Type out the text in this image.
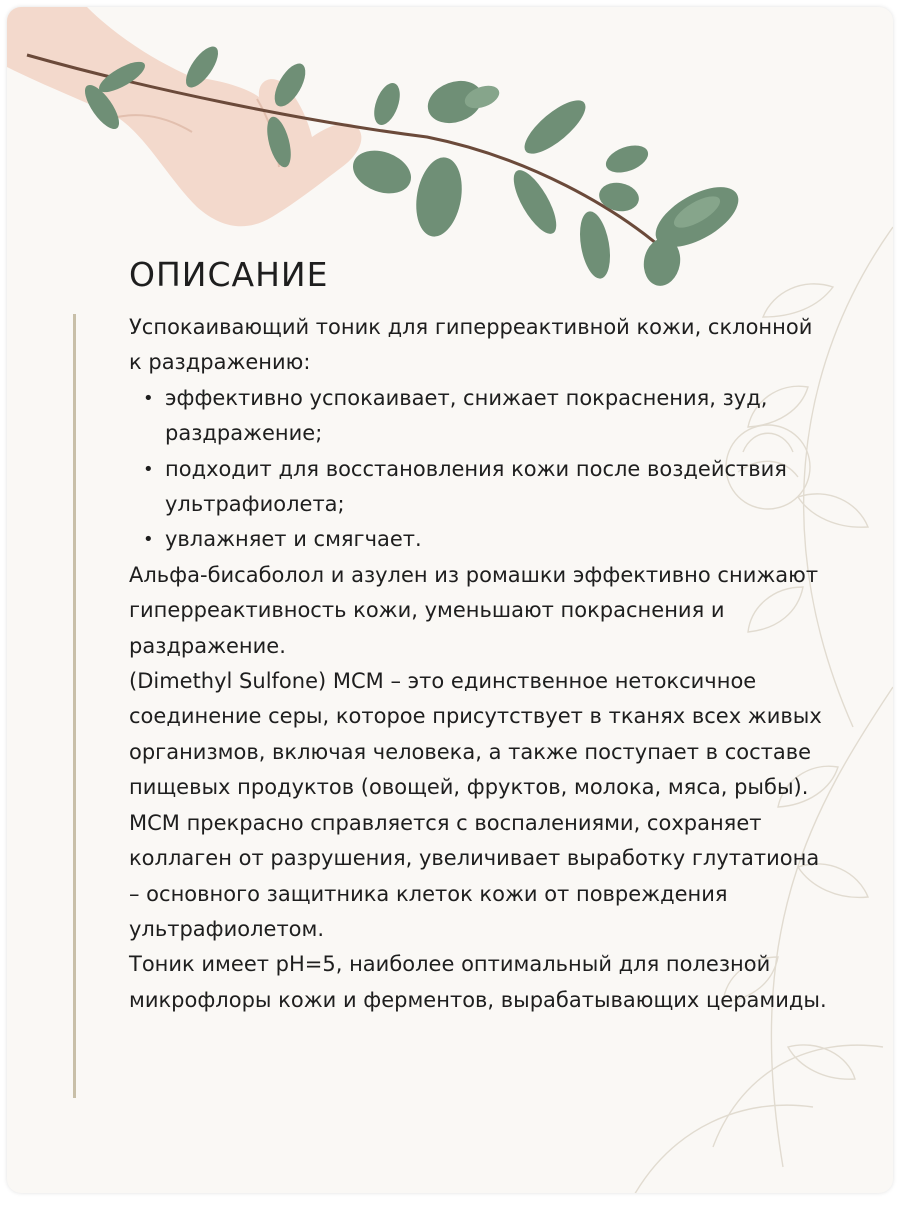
ОПИСАНИЕ

Успокаивающий тоник для гиперреактивной кожи, склонной к раздражению:

• эффективно успокаивает, снижает покраснения, зуд, раздражение;
• подходит для восстановления кожи после воздействия ультрафиолета;
• увлажняет и смягчает.

Альфа-бисаболол и азулен из ромашки эффективно снижают гиперреактивность кожи, уменьшают покраснения и раздражение.

(Dimethyl Sulfone) МСМ – это единственное нетоксичное соединение серы, которое присутствует в тканях всех живых организмов, включая человека, а также поступает в составе пищевых продуктов (овощей, фруктов, молока, мяса, рыбы).

МСМ прекрасно справляется с воспалениями, сохраняет коллаген от разрушения, увеличивает выработку глутатиона – основного защитника клеток кожи от повреждения ультрафиолетом.

Тоник имеет pH=5, наиболее оптимальный для полезной микрофлоры кожи и ферментов, вырабатывающих церамиды.
